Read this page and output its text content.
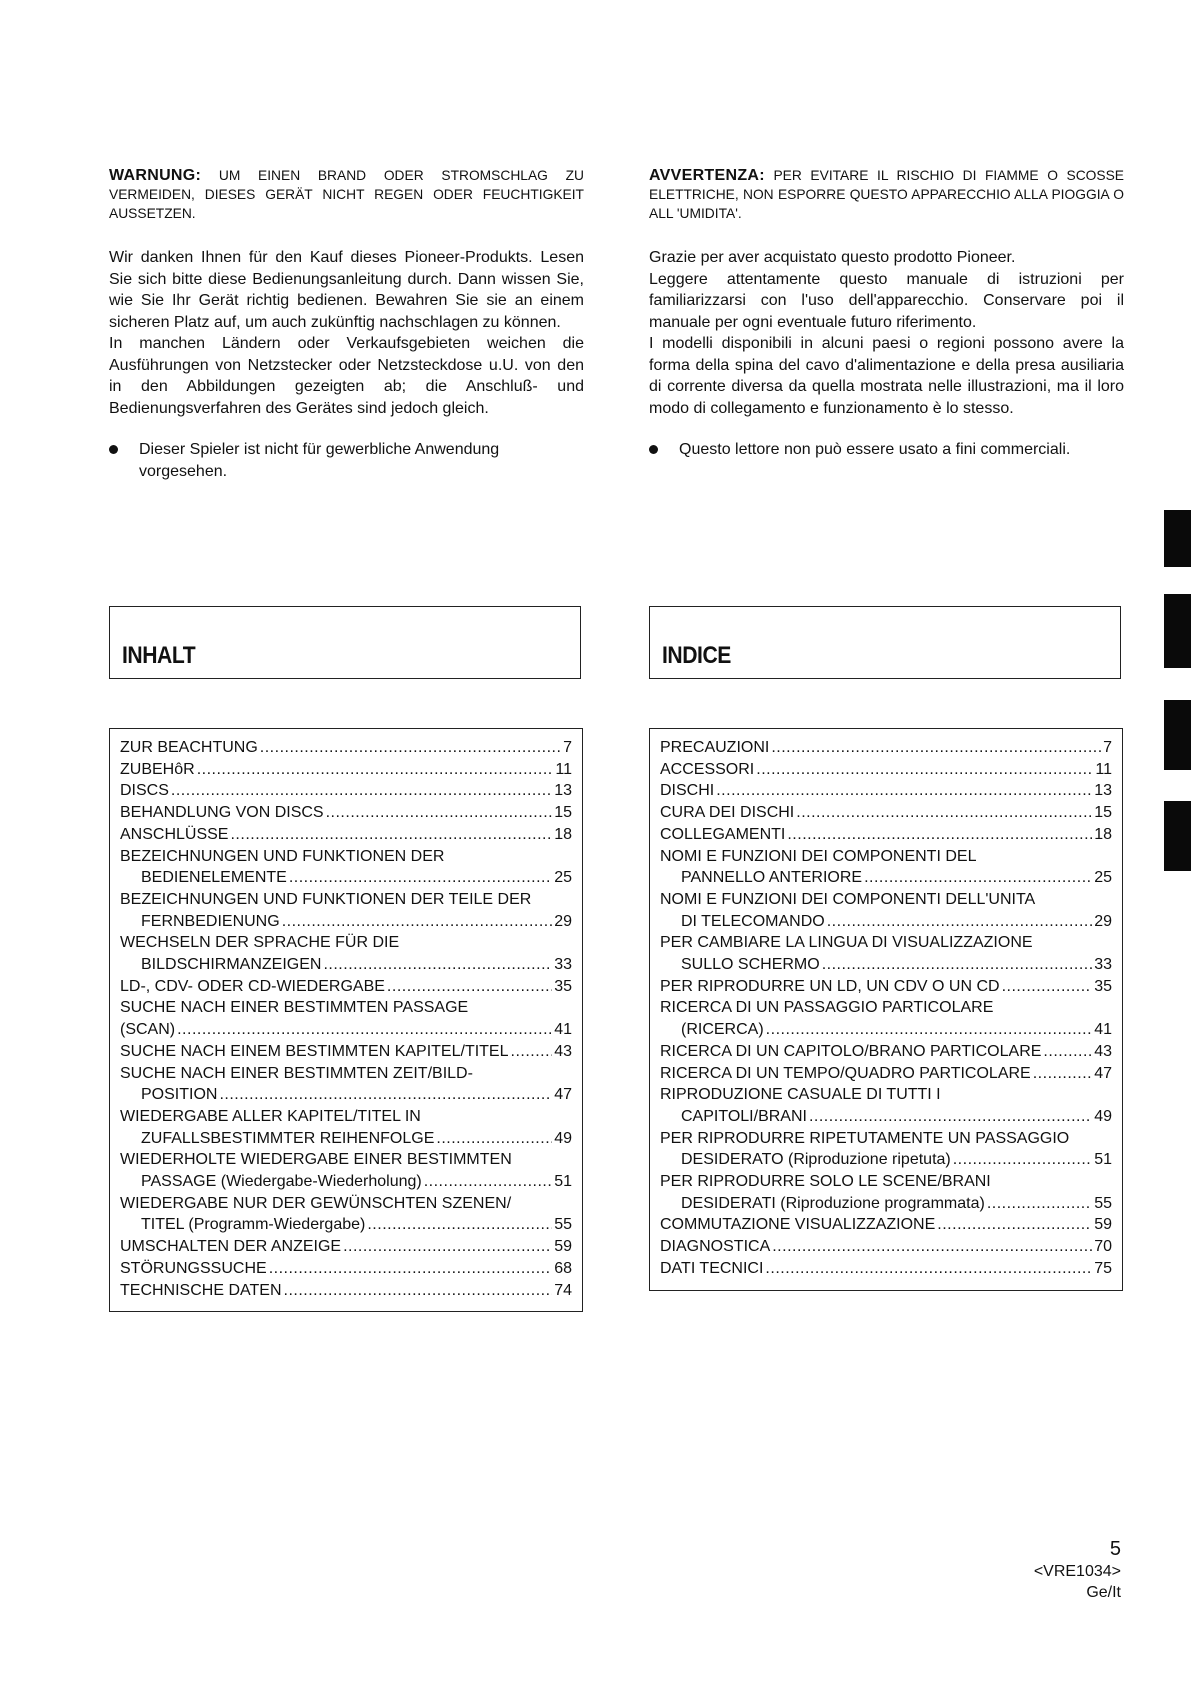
WARNUNG: UM EINEN BRAND ODER STROMSCHLAG ZU VERMEIDEN, DIESES GERÄT NICHT REGEN ODER FEUCHTIGKEIT AUSSETZEN.

Wir danken Ihnen für den Kauf dieses Pioneer-Produkts. Lesen Sie sich bitte diese Bedienungsanleitung durch. Dann wissen Sie, wie Sie Ihr Gerät richtig bedienen. Bewahren Sie sie an einem sicheren Platz auf, um auch zukünftig nachschlagen zu können.

In manchen Ländern oder Verkaufsgebieten weichen die Ausführungen von Netzstecker oder Netzsteckdose u.U. von den in den Abbildungen gezeigten ab; die Anschluß- und Bedienungsverfahren des Gerätes sind jedoch gleich.

Dieser Spieler ist nicht für gewerbliche Anwendung vorgesehen.

AVVERTENZA: PER EVITARE IL RISCHIO DI FIAMME O SCOSSE ELETTRICHE, NON ESPORRE QUESTO APPARECCHIO ALLA PIOGGIA O ALL 'UMIDITA'.

Grazie per aver acquistato questo prodotto Pioneer.

Leggere attentamente questo manuale di istruzioni per familiarizzarsi con l'uso dell'apparecchio. Conservare poi il manuale per ogni eventuale futuro riferimento.

I modelli disponibili in alcuni paesi o regioni possono avere la forma della spina del cavo d'alimentazione e della presa ausiliaria di corrente diversa da quella mostrata nelle illustrazioni, ma il loro modo di collegamento e funzionamento è lo stesso.

Questo lettore non può essere usato a fini commerciali.
INHALT	INDICE
ZUR BEACHTUNG .....	7
ZUBEHôR .....	11
DISCS .....	13
BEHANDLUNG VON DISCS .....	15
ANSCHLÜSSE .....	18
BEZEICHNUNGEN UND FUNKTIONEN DER
BEDIENELEMENTE .....	25
BEZEICHNUNGEN UND FUNKTIONEN DER TEILE DER
FERNBEDIENUNG .....	29
WECHSELN DER SPRACHE FÜR DIE
BILDSCHIRMANZEIGEN .....	33
LD-, CDV- ODER CD-WIEDERGABE .....	35
SUCHE NACH EINER BESTIMMTEN PASSAGE
(SCAN) .....	41
SUCHE NACH EINEM BESTIMMTEN KAPITEL/TITEL .....	43
SUCHE NACH EINER BESTIMMTEN ZEIT/BILD-
POSITION .....	47
WIEDERGABE ALLER KAPITEL/TITEL IN
ZUFALLSBESTIMMTER REIHENFOLGE .....	49
WIEDERHOLTE WIEDERGABE EINER BESTIMMTEN
PASSAGE (Wiedergabe-Wiederholung) .....	51
WIEDERGABE NUR DER GEWÜNSCHTEN SZENEN/
TITEL (Programm-Wiedergabe) .....	55
UMSCHALTEN DER ANZEIGE .....	59
STÖRUNGSSUCHE .....	68
TECHNISCHE DATEN .....	74
PRECAUZIONI .....	7
ACCESSORI .....	11
DISCHI .....	13
CURA DEI DISCHI .....	15
COLLEGAMENTI .....	18
NOMI E FUNZIONI DEI COMPONENTI DEL
PANNELLO ANTERIORE .....	25
NOMI E FUNZIONI DEI COMPONENTI DELL'UNITA
DI TELECOMANDO .....	29
PER CAMBIARE LA LINGUA DI VISUALIZZAZIONE
SULLO SCHERMO .....	33
PER RIPRODURRE UN LD, UN CDV O UN CD .....	35
RICERCA DI UN PASSAGGIO PARTICOLARE
(RICERCA) .....	41
RICERCA DI UN CAPITOLO/BRANO PARTICOLARE .....	43
RICERCA DI UN TEMPO/QUADRO PARTICOLARE .....	47
RIPRODUZIONE CASUALE DI TUTTI I
CAPITOLI/BRANI .....	49
PER RIPRODURRE RIPETUTAMENTE UN PASSAGGIO
DESIDERATO (Riproduzione ripetuta) .....	51
PER RIPRODURRE SOLO LE SCENE/BRANI
DESIDERATI (Riproduzione programmata) .....	55
COMMUTAZIONE VISUALIZZAZIONE .....	59
DIAGNOSTICA .....	70
DATI TECNICI .....	75
5
<VRE1034>
Ge/It
